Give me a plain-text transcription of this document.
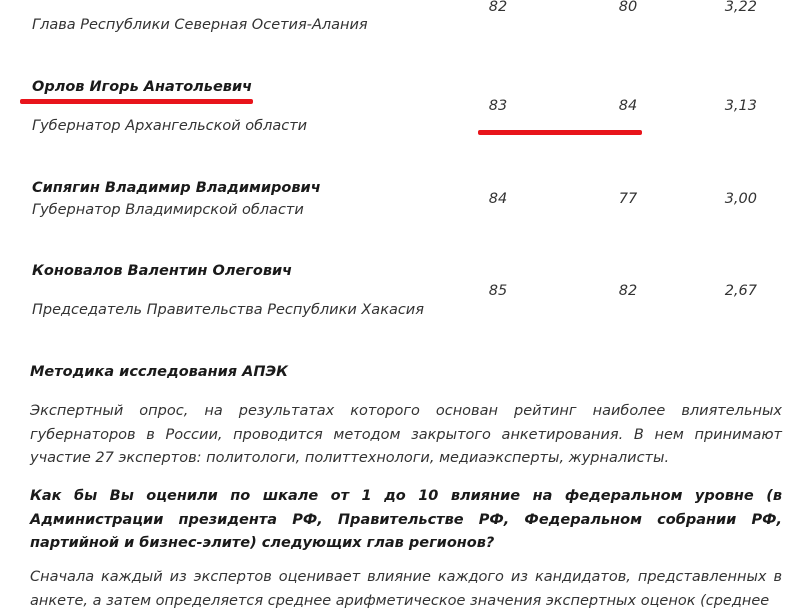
Глава Республики Северная Осетия-Алания
82	80	3,22
Орлов Игорь Анатольевич
Губернатор Архангельской области
83	84	3,13
Сипягин Владимир Владимирович
Губернатор Владимирской области
84	77	3,00
Коновалов Валентин Олегович
Председатель Правительства Республики Хакасия
85	82	2,67
Методика исследования АПЭК
Экспертный опрос, на результатах которого основан рейтинг наиболее влиятельных губернаторов в России, проводится методом закрытого анкетирования. В нем принимают участие 27 экспертов: политологи, политтехнологи, медиаэксперты, журналисты.
Как бы Вы оценили по шкале от 1 до 10 влияние на федеральном уровне (в Администрации президента РФ, Правительстве РФ, Федеральном собрании РФ, партийной и бизнес-элите) следующих глав регионов?
Сначала каждый из экспертов оценивает влияние каждого из кандидатов, представленных в анкете, а затем определяется среднее арифметическое значения экспертных оценок (среднее
